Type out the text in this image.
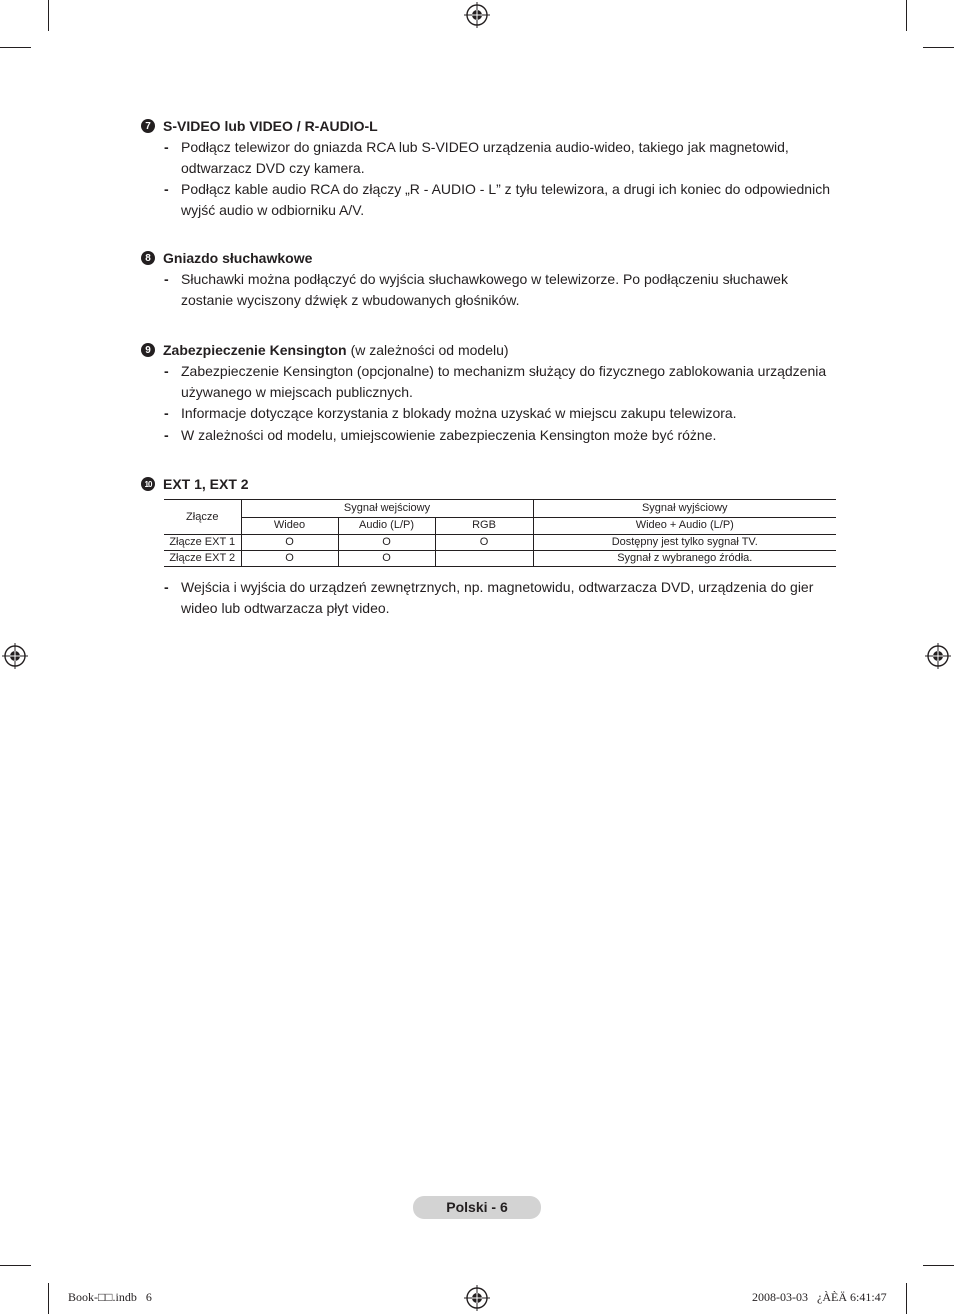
7 S-VIDEO lub VIDEO / R-AUDIO-L
- Podłącz telewizor do gniazda RCA lub S-VIDEO urządzenia audio-wideo, takiego jak magnetowid, odtwarzacz DVD czy kamera.
- Podłącz kable audio RCA do złączy „R - AUDIO - L” z tyłu telewizora, a drugi ich koniec do odpowiednich wyjść audio w odbiorniku A/V.
8 Gniazdo słuchawkowe
- Słuchawki można podłączyć do wyjścia słuchawkowego w telewizorze. Po podłączeniu słuchawek zostanie wyciszony dźwięk z wbudowanych głośników.
9 Zabezpieczenie Kensington (w zależności od modelu)
- Zabezpieczenie Kensington (opcjonalne) to mechanizm służący do fizycznego zablokowania urządzenia używanego w miejscach publicznych.
- Informacje dotyczące korzystania z blokady można uzyskać w miejscu zakupu telewizora.
- W zależności od modelu, umiejscowienie zabezpieczenia Kensington może być różne.
10 EXT 1, EXT 2
Złącze	Sygnał wejściowy			Sygnał wyjściowy
	Wideo	Audio (L/P)	RGB	Wideo + Audio (L/P)
Złącze EXT 1	O	O	O	Dostępny jest tylko sygnał TV.
Złącze EXT 2	O	O		Sygnał z wybranego źródła.
- Wejścia i wyjścia do urządzeń zewnętrznych, np. magnetowidu, odtwarzacza DVD, urządzenia do gier wideo lub odtwarzacza płyt video.
Polski - 6
Book-□□.indb   6	2008-03-03   ¿ÀÈÄ 6:41:47
